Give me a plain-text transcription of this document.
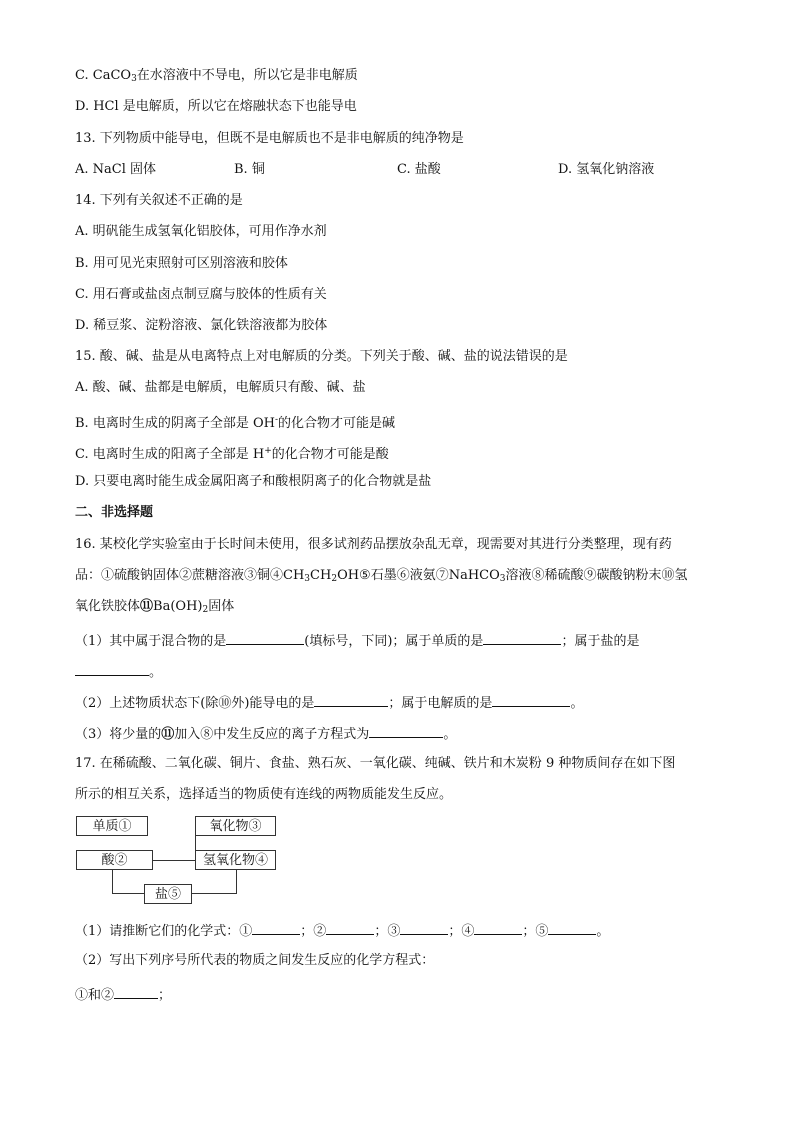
C. CaCO$_3$在水溶液中不导电，所以它是非电解质
D. HCl 是电解质，所以它在熔融状态下也能导电
13. 下列物质中能导电，但既不是电解质也不是非电解质的纯净物是
A. NaCl 固体	B. 铜	C. 盐酸	D. 氢氧化钠溶液
14. 下列有关叙述不正确的是
A. 明矾能生成氢氧化铝胶体，可用作净水剂
B. 用可见光束照射可区别溶液和胶体
C. 用石膏或盐卤点制豆腐与胶体的性质有关
D. 稀豆浆、淀粉溶液、氯化铁溶液都为胶体
15. 酸、碱、盐是从电离特点上对电解质的分类。下列关于酸、碱、盐的说法错误的是
A. 酸、碱、盐都是电解质，电解质只有酸、碱、盐
B. 电离时生成的阴离子全部是 OH-的化合物才可能是碱
C. 电离时生成的阳离子全部是 H+的化合物才可能是酸
D. 只要电离时能生成金属阳离子和酸根阴离子的化合物就是盐
二、非选择题
16. 某校化学实验室由于长时间未使用，很多试剂药品摆放杂乱无章，现需要对其进行分类整理，现有药
品：①硫酸钠固体②蔗糖溶液③铜$④CH_3CH_2OH⑤$石墨⑥液氨⑦NaHCO$_3$溶液⑧稀硫酸⑨碳酸钠粉末⑩氢
氧化铁胶体$⑪Ba(OH)_2$固体
（1）其中属于混合物的是	(填标号，下同)；属于单质的是	；属于盐的是
。
（2）上述物质状态下(除⑩外)能导电的是	；属于电解质的是	。
（3）将少量的⑪加入⑧中发生反应的离子方程式为	。
17. 在稀硫酸、二氧化碳、铜片、食盐、熟石灰、一氧化碳、纯碱、铁片和木炭粉 9 种物质间存在如下图
所示的相互关系，选择适当的物质使有连线的两物质能发生反应。
单质①
酸②
氧化物③
氢氧化物④
盐⑤
（1）请推断它们的化学式：①	；②	；③	；④	；⑤	。
（2）写出下列序号所代表的物质之间发生反应的化学方程式：
①和②	；
